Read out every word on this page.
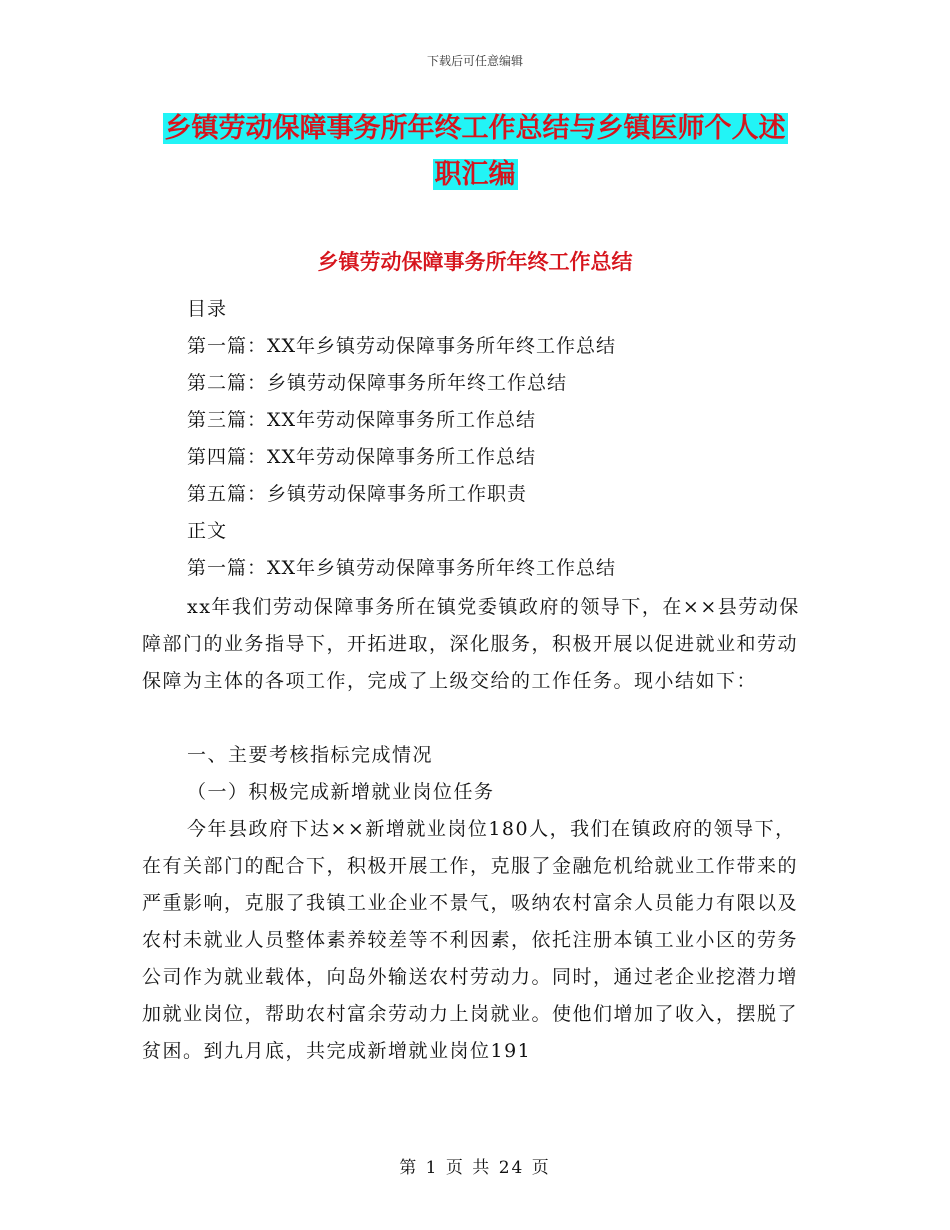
下载后可任意编辑
乡镇劳动保障事务所年终工作总结与乡镇医师个人述
职汇编
乡镇劳动保障事务所年终工作总结
目录
第一篇：XX年乡镇劳动保障事务所年终工作总结
第二篇：乡镇劳动保障事务所年终工作总结
第三篇：XX年劳动保障事务所工作总结
第四篇：XX年劳动保障事务所工作总结
第五篇：乡镇劳动保障事务所工作职责
正文
第一篇：XX年乡镇劳动保障事务所年终工作总结

xx年我们劳动保障事务所在镇党委镇政府的领导下，在××县劳动保障部门的业务指导下，开拓进取，深化服务，积极开展以促进就业和劳动保障为主体的各项工作，完成了上级交给的工作任务。现小结如下：

一、主要考核指标完成情况

（一）积极完成新增就业岗位任务

今年县政府下达××新增就业岗位180人，我们在镇政府的领导下，在有关部门的配合下，积极开展工作，克服了金融危机给就业工作带来的严重影响，克服了我镇工业企业不景气，吸纳农村富余人员能力有限以及农村未就业人员整体素养较差等不利因素，依托注册本镇工业小区的劳务公司作为就业载体，向岛外输送农村劳动力。同时，通过老企业挖潜力增加就业岗位，帮助农村富余劳动力上岗就业。使他们增加了收入，摆脱了贫困。到九月底，共完成新增就业岗位191

第 1 页 共 24 页
